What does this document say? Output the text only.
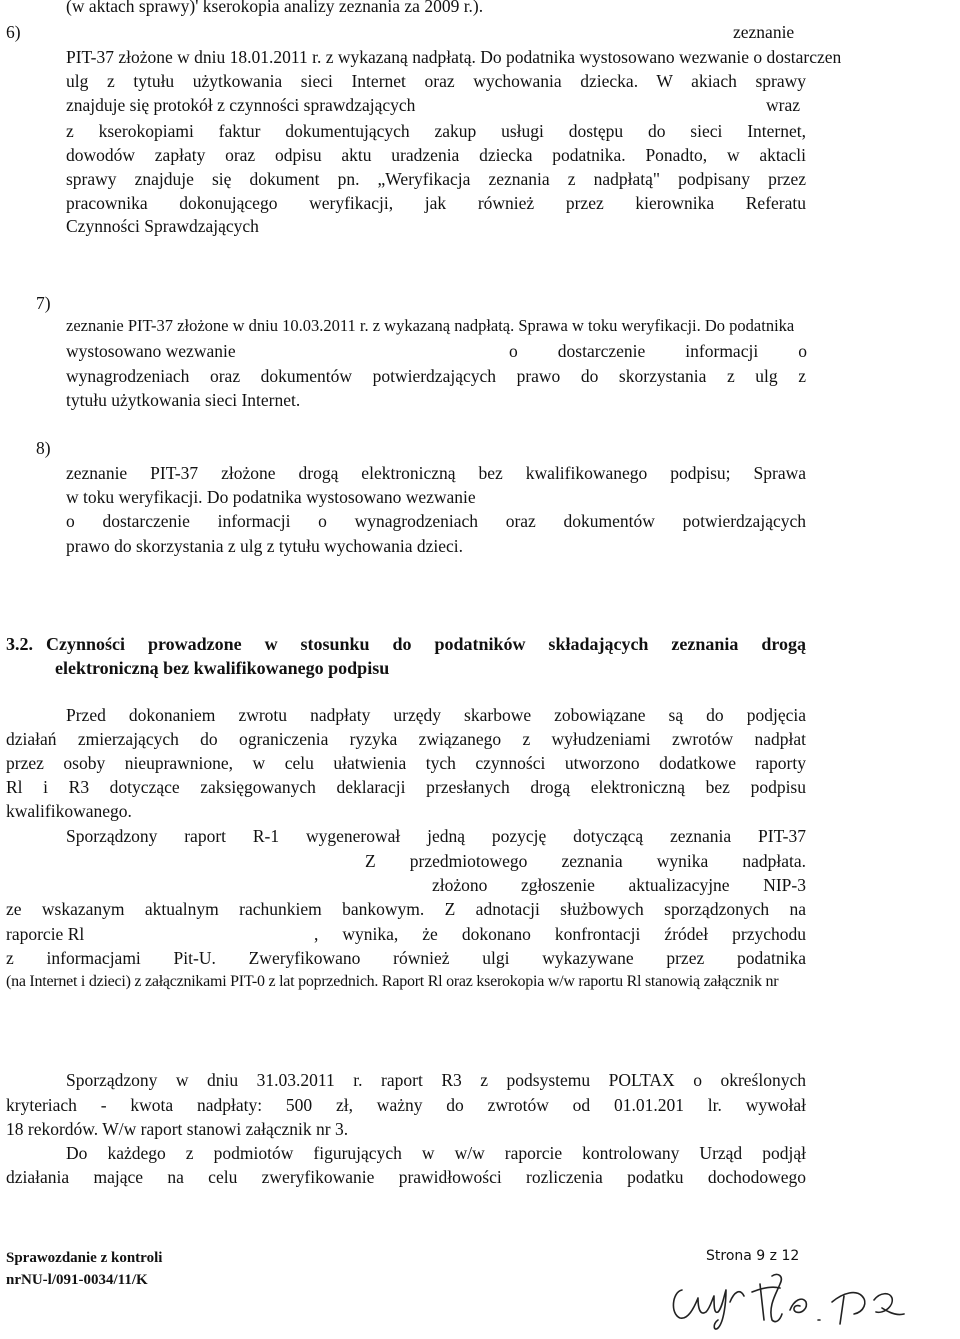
(w aktach sprawy)' kserokopia analizy zeznania za 2009 r.).
6)	zeznanie
PIT-37 złożone w dniu 18.01.2011 r. z wykazaną nadpłatą. Do podatnika wystosowano wezwanie o dostarczen
ulg z tytułu użytkowania sieci Internet oraz wychowania dziecka. W akiach sprawy
znajduje się protokół z czynności sprawdzających	wraz
z kserokopiami faktur dokumentujących zakup usługi dostępu do sieci Internet,
dowodów zapłaty oraz odpisu aktu uradzenia dziecka podatnika. Ponadto, w aktacli
sprawy znajduje się dokument pn. „Weryfikacja zeznania z nadpłatą" podpisany przez
pracownika dokonującego weryfikacji, jak również przez kierownika Referatu
Czynności Sprawdzających
7)
zeznanie PIT-37 złożone w dniu 10.03.2011 r. z wykazaną nadpłatą. Sprawa w toku weryfikacji. Do podatnika
wystosowano wezwanie	o dostarczenie informacji o
wynagrodzeniach oraz dokumentów potwierdzających prawo do skorzystania z ulg z
tytułu użytkowania sieci Internet.
8)
zeznanie PIT-37 złożone drogą elektroniczną bez kwalifikowanego podpisu; Sprawa
w toku weryfikacji. Do podatnika wystosowano wezwanie
o dostarczenie informacji o wynagrodzeniach oraz dokumentów potwierdzających
prawo do skorzystania z ulg z tytułu wychowania dzieci.
3.2. Czynności prowadzone w stosunku do podatników składających zeznania drogą
elektroniczną bez kwalifikowanego podpisu
Przed dokonaniem zwrotu nadpłaty urzędy skarbowe zobowiązane są do podjęcia
działań zmierzających do ograniczenia ryzyka związanego z wyłudzeniami zwrotów nadpłat
przez osoby nieuprawnione, w celu ułatwienia tych czynności utworzono dodatkowe raporty
Rl i R3 dotyczące zaksięgowanych deklaracji przesłanych drogą elektroniczną bez podpisu
kwalifikowanego.
Sporządzony raport R-1 wygenerował jedną pozycję dotyczącą zeznania PIT-37
Z przedmiotowego zeznania wynika nadpłata.
złożono zgłoszenie aktualizacyjne NIP-3
ze wskazanym aktualnym rachunkiem bankowym. Z adnotacji służbowych sporządzonych na
raporcie Rl	, wynika, że dokonano konfrontacji źródeł przychodu
z informacjami Pit-U. Zweryfikowano również ulgi wykazywane przez podatnika
(na Internet i dzieci) z załącznikami PIT-0 z lat poprzednich. Raport Rl oraz kserokopia w/w raportu Rl stanowią załącznik nr
Sporządzony w dniu 31.03.2011 r. raport R3 z podsystemu POLTAX o określonych
kryteriach - kwota nadpłaty: 500 zł, ważny do zwrotów od 01.01.201 lr. wywołał
18 rekordów. W/w raport stanowi załącznik nr 3.
Do każdego z podmiotów figurujących w w/w raporcie kontrolowany Urząd podjął
działania mające na celu zweryfikowanie prawidłowości rozliczenia podatku dochodowego
Sprawozdanie z kontroli
nrNU-l/091-0034/11/K
Strona 9 z 12
